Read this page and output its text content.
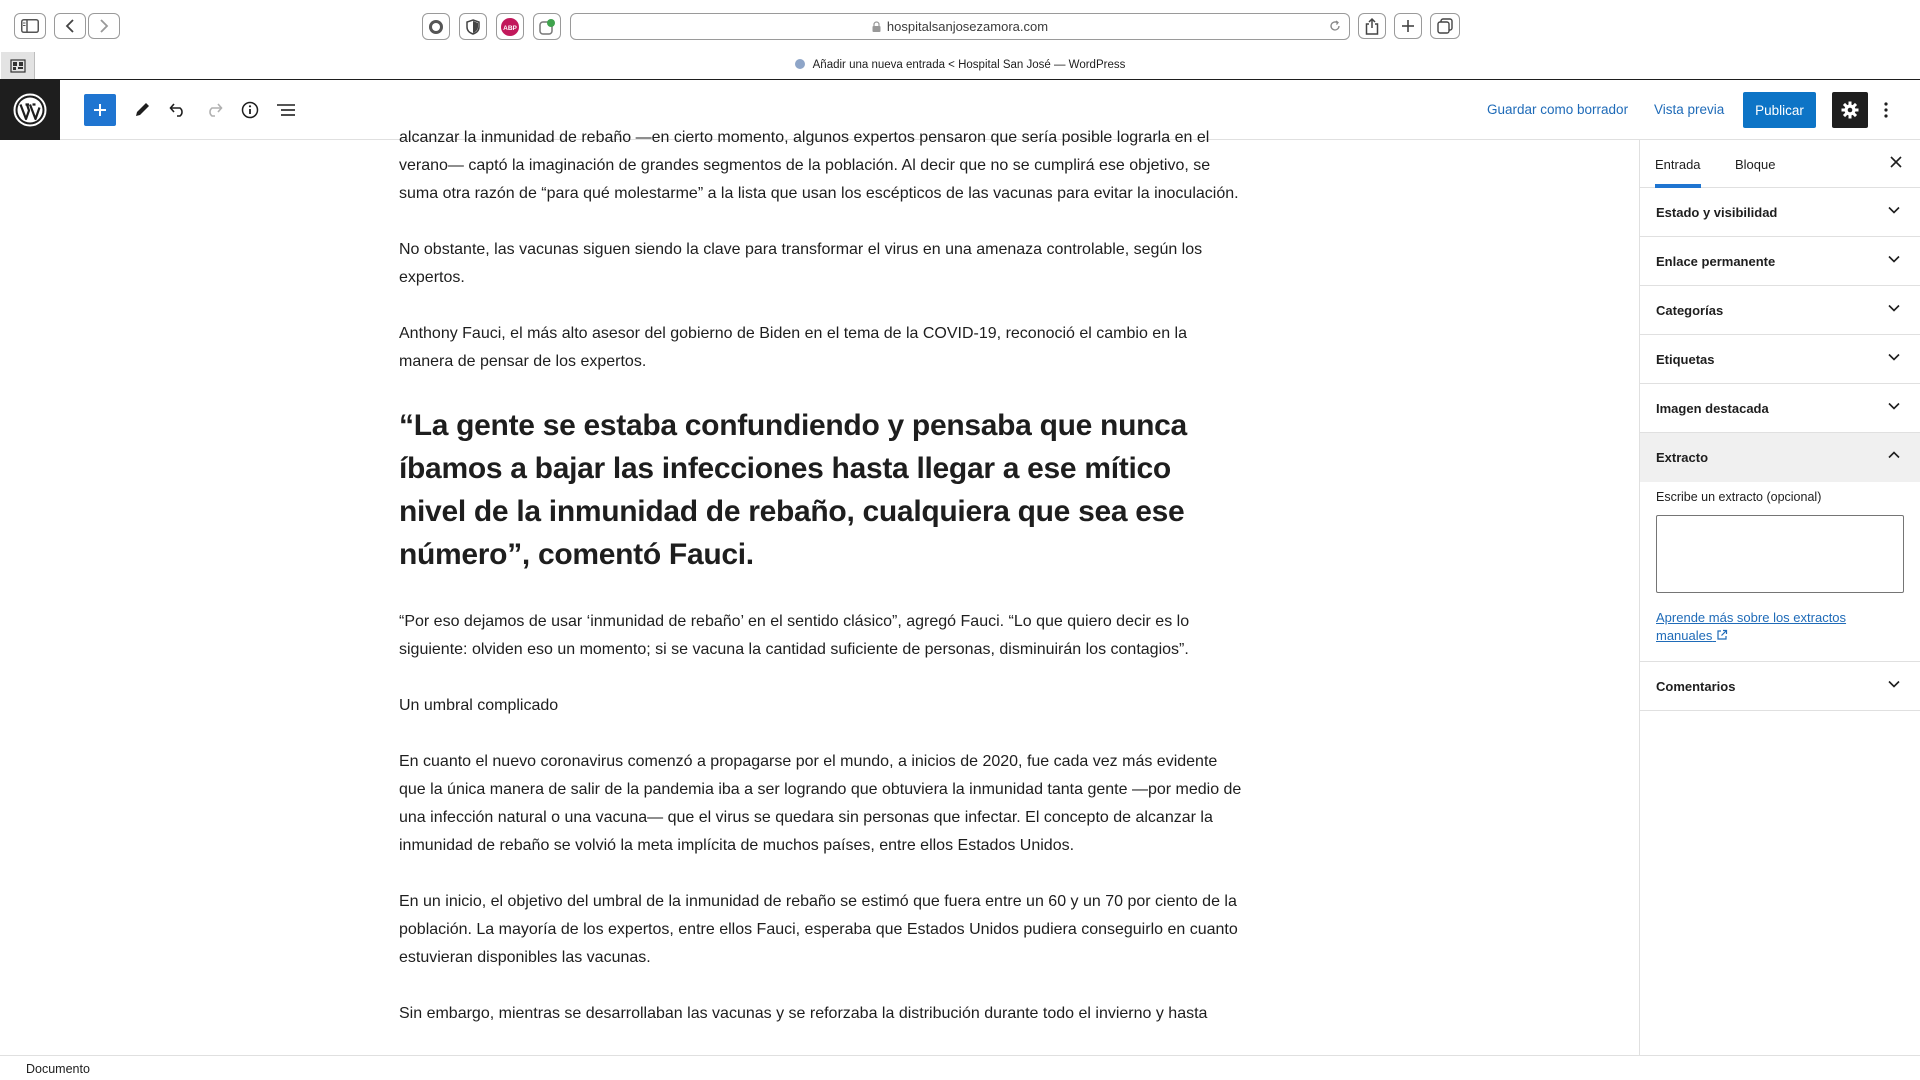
ABP	hospitalsanjosezamora.com
Añadir una nueva entrada < Hospital San José — WordPress
Guardar como borrador Vista previa	Publicar

alcanzar la inmunidad de rebaño —en cierto momento, algunos expertos pensaron que sería posible lograrla en el verano— captó la imaginación de grandes segmentos de la población. Al decir que no se cumplirá ese objetivo, se suma otra razón de “para qué molestarme” a la lista que usan los escépticos de las vacunas para evitar la inoculación.

No obstante, las vacunas siguen siendo la clave para transformar el virus en una amenaza controlable, según los expertos.

Anthony Fauci, el más alto asesor del gobierno de Biden en el tema de la COVID-19, reconoció el cambio en la manera de pensar de los expertos.

“La gente se estaba confundiendo y pensaba que nunca íbamos a bajar las infecciones hasta llegar a ese mítico nivel de la inmunidad de rebaño, cualquiera que sea ese número”, comentó Fauci.

“Por eso dejamos de usar ‘inmunidad de rebaño’ en el sentido clásico”, agregó Fauci. “Lo que quiero decir es lo siguiente: olviden eso un momento; si se vacuna la cantidad suficiente de personas, disminuirán los contagios”.

Un umbral complicado

En cuanto el nuevo coronavirus comenzó a propagarse por el mundo, a inicios de 2020, fue cada vez más evidente que la única manera de salir de la pandemia iba a ser logrando que obtuviera la inmunidad tanta gente —por medio de una infección natural o una vacuna— que el virus se quedara sin personas que infectar. El concepto de alcanzar la inmunidad de rebaño se volvió la meta implícita de muchos países, entre ellos Estados Unidos.

En un inicio, el objetivo del umbral de la inmunidad de rebaño se estimó que fuera entre un 60 y un 70 por ciento de la población. La mayoría de los expertos, entre ellos Fauci, esperaba que Estados Unidos pudiera conseguirlo en cuanto estuvieran disponibles las vacunas.

Sin embargo, mientras se desarrollaban las vacunas y se reforzaba la distribución durante todo el invierno y hasta

Entrada	Bloque
Estado y visibilidad
Enlace permanente
Categorías
Etiquetas
Imagen destacada
Extracto
Escribe un extracto (opcional)
Aprende más sobre los extractos manuales
Comentarios
Documento
